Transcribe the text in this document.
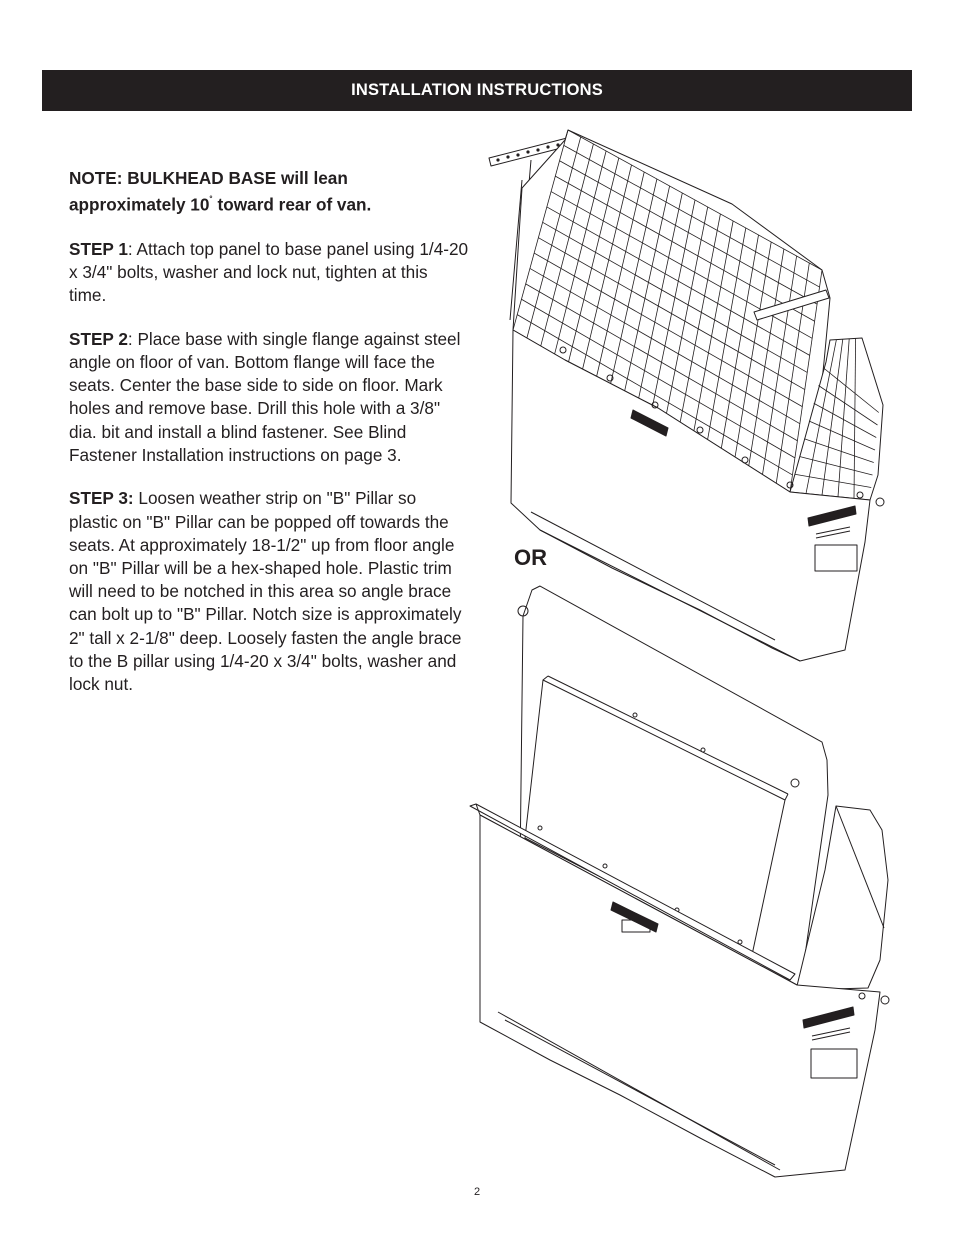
INSTALLATION INSTRUCTIONS

NOTE: BULKHEAD BASE will lean
approximately 10˚ toward rear of van.

STEP 1: Attach top panel to base panel using 1/4-20 x 3/4" bolts, washer and lock nut, tighten at this time.

STEP 2: Place base with single flange against steel angle on floor of van. Bottom flange will face the seats. Center the base side to side on floor. Mark holes and remove base. Drill this hole with a 3/8" dia. bit and install a blind fastener. See Blind Fastener Installation instructions on page 3.

STEP 3: Loosen weather strip on "B" Pillar so plastic on "B" Pillar can be popped off towards the seats. At approximately 18-1/2" up from floor angle on "B" Pillar will be a hex-shaped hole. Plastic trim will need to be notched in this area so angle brace can bolt up to "B" Pillar. Notch size is approximately 2" tall x 2-1/8" deep. Loosely fasten the angle brace to the B pillar using 1/4-20 x 3/4" bolts, washer and lock nut.

OR
2
